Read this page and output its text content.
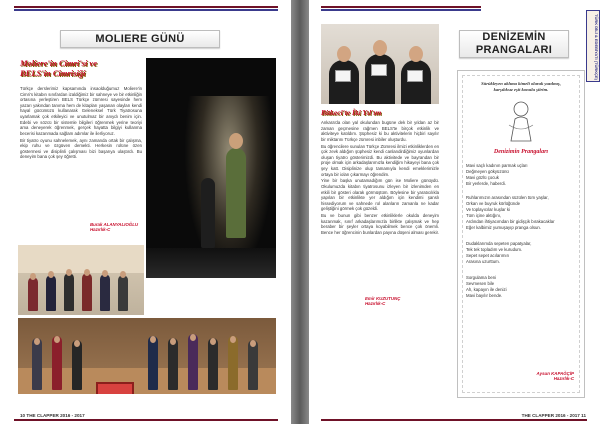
MOLIERE GÜNÜ
Moliere'in Cimri'si ve
BELS'in Cimrisiği

Türkçe derslerimiz kapsamında insaolduğumuz Moliere'in Cimri's kitabın sınıfardan izaldiğimiz bir sahneye ve bir etkinliğin ortasına yerleştiren BELS Türkçe zümresi sayesinde hem yazarı yakından tanıma hem de kitapları yaşanan olayları kendi hayal gücümüzü kullanarak Geleneksel Türk Tiyatrosuna uyarlamak çok etkileyici ve unutulmaz bir anıydı benim için. Edebi ve sözcü bir sistemle bilgileri öğrenmek yerine teoriyi ama deneyerek öğrenmek, gerçek hayatta bilgiyi kullanma becerisi kazanmada sağlam adımlar ile ilerliyoruz.

Bir tiyatro oyunu sahnelemek, aynı zamanda ortak bir çalışma, ekip ruhu ve özgüven demekti. Herkesin rolüne özen göstermesi ve disiplinli çalışması bizi başarıya ulaştırdı. Bu deneyim bana çok şey öğretti.

Burak ALANYALIOĞLU
Hazırlık-C
10 THE CLAPPER 2016 - 2017
Bitkeci'te İki Yıl'ım

Ankara'da olan yal okulundan bugüne dek bir yıldan az bir zaman geçmesine rağmen BELS'te birçok etkinlik ve aktiviteye katıldım. Şüphesiz ki bu aktivitelerin hiçbiri sayılır bir miktarını Türkçe zümresi inbiler oluşturdu.

Bu öğrencilere sunulan Türkçe Zümresi ilmizi etkinliklerden en çok zevk aldığım şüphesiz kendi canlandirdiğimiz oyunlardan oluşan tiyatro gösterimizdi. Bu aktivitede ve bayrandan bir proje olmak için arkadaşlarımızla kendiğim hikayeyi bana çok şey katt. Disiplinize olup tamamıyla kendi emeklerimizle ortaya bir iolan çıkarmayı öğrendim.

Yine bir başka unutamadığım gün ise Moliere günüydü. Okulumuzda kitabın tiyatrosunu izleyen bir izlenimden en etkili bir gösteri olarak görmüştüm. Böylesine bir yaratıcılıkla yapılan bir etkinlikte yer aldığım için kendimi şanslı hissediyorum ve sahnede rol alanların zamanla ne kadar geliştiğini görmek çok güzeldi.

Bu ve bunun gibi benzer etkinliklerle okulda deneyim kazanmak, sınıf arkadaşlarımızla birlikte çalışmak ve hep beraber bir şeyler ortaya koyabilmek bence çok önemli. Bence her öğrencinin bunlardan payına düşeni alması gerekir.

Emir KUZUTUNÇ
Hazırlık-C
DENİZEMİN
PRANGALARI	TÜRK DİLİ & EDEBİYATI (TÜRKÇE)
Sürükleyen aklıma kimeli olarak yazılmış,
karşılıksız eşit konulu şiirim.
Denizimin Prangaları
Mavi saçlı kadının parmak uçları
Değmeyen gökyüzünü
Mavi gözlü çocuk
Bir yerlerde, haberdi.
Ruhlarımızın arasından süzülen tüm yaşlar,
Orkan ve buyruk körlüğünde
Ve toplayıcılar kuşlar ki
Tüm içine aktığını,
Ardından ihtiyacımdan bir gidişçik bırakacaklar
Eğer kalbimiz yumuşayıp pranga olsun.
Dudaklarımda sepeten papatyalar,
Tek tek topladım ve kurudum.
Sepet sepet acılarımın
Arasına uzurttum.
Sorgulama beni
Sevmesen bile
Ah, kapayın ile denizi
Mavi bayılır bende.
Aysun KAPAĞÇİP
Hazırlık-C
THE CLAPPER 2016 - 2017 11
